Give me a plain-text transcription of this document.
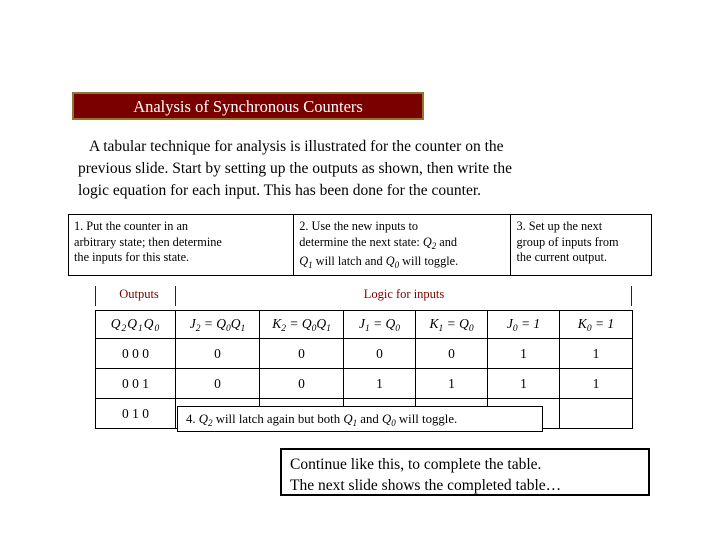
Analysis of Synchronous Counters
A tabular technique for analysis is illustrated for the counter on the
previous slide. Start by setting up the outputs as shown, then write the
logic equation for each input. This has been done for the counter.
1. Put the counter in an
arbitrary state; then determine
the inputs for this state.
2. Use the new inputs to
determine the next state: $Q_2$ and
$Q_1$ will latch and $Q_0$ will toggle.
3. Set up the next
group of inputs from
the current output.
Outputs	Logic for inputs
$Q_2Q_1Q_0$	$J_2 = Q_0Q_1$	$K_2 = Q_0Q_1$	$J_1 = Q_0$	$K_1 = Q_0$	$J_0 = 1$	$K_0 = 1$
0 0 0	0	0	0	0	1	1
0 0 1	0	0	1	1	1	1
0 1 0							4. $Q_2$ will latch again but both $Q_1$ and $Q_0$ will toggle.
Continue like this, to complete the table.
The next slide shows the completed table…
